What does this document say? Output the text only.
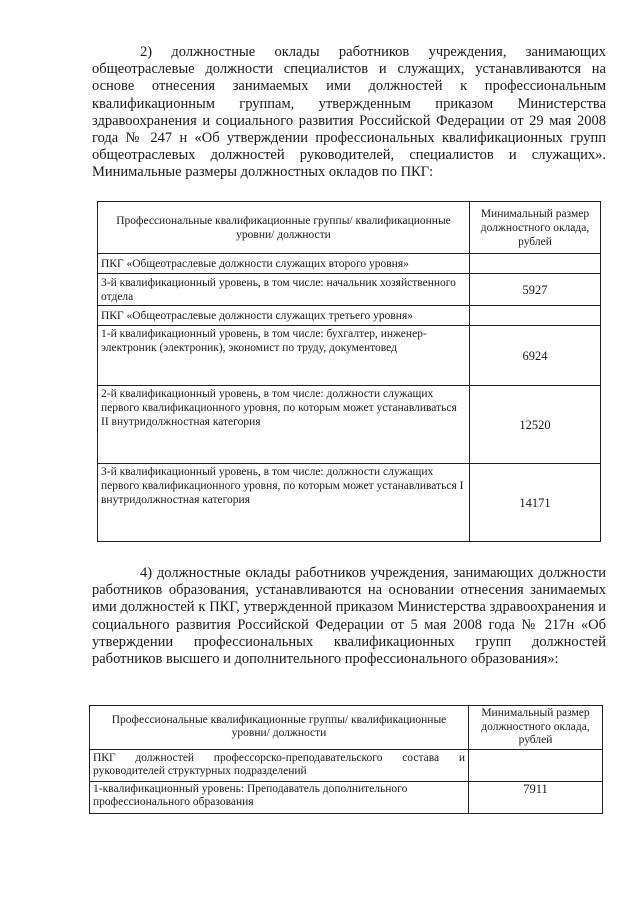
2) должностные оклады работников учреждения, занимающих общеотраслевые должности специалистов и служащих, устанавливаются на основе отнесения занимаемых ими должностей к профессиональным квалификационным группам, утвержденным приказом Министерства здравоохранения и социального развития Российской Федерации от 29 мая 2008 года № 247 н «Об утверждении профессиональных квалификационных групп общеотраслевых должностей руководителей, специалистов и служащих». Минимальные размеры должностных окладов по ПКГ:

Профессиональные квалификационные группы/ квалификационные уровни/ должности	Минимальный размер должностного оклада, рублей
ПКГ «Общеотраслевые должности служащих второго уровня»	
3-й квалификационный уровень, в том числе: начальник хозяйственного отдела	5927
ПКГ «Общеотраслевые должности служащих третьего уровня»	
1-й квалификационный уровень, в том числе: бухгалтер, инженер-электроник (электроник), экономист по труду, документовед	6924
2-й квалификационный уровень, в том числе: должности служащих первого квалификационного уровня, по которым может устанавливаться II внутридолжностная категория	12520
3-й квалификационный уровень, в том числе: должности служащих первого квалификационного уровня, по которым может устанавливаться I внутридолжностная категория	14171

4) должностные оклады работников учреждения, занимающих должности работников образования, устанавливаются на основании отнесения занимаемых ими должностей к ПКГ, утвержденной приказом Министерства здравоохранения и социального развития Российской Федерации от 5 мая 2008 года № 217н «Об утверждении профессиональных квалификационных групп должностей работников высшего и дополнительного профессионального образования»:

Профессиональные квалификационные группы/ квалификационные уровни/ должности	Минимальный размер должностного оклада, рублей
ПКГ должностей профессорско-преподавательского состава и руководителей структурных подразделений	
1-квалификационный уровень: Преподаватель дополнительного профессионального образования	7911
